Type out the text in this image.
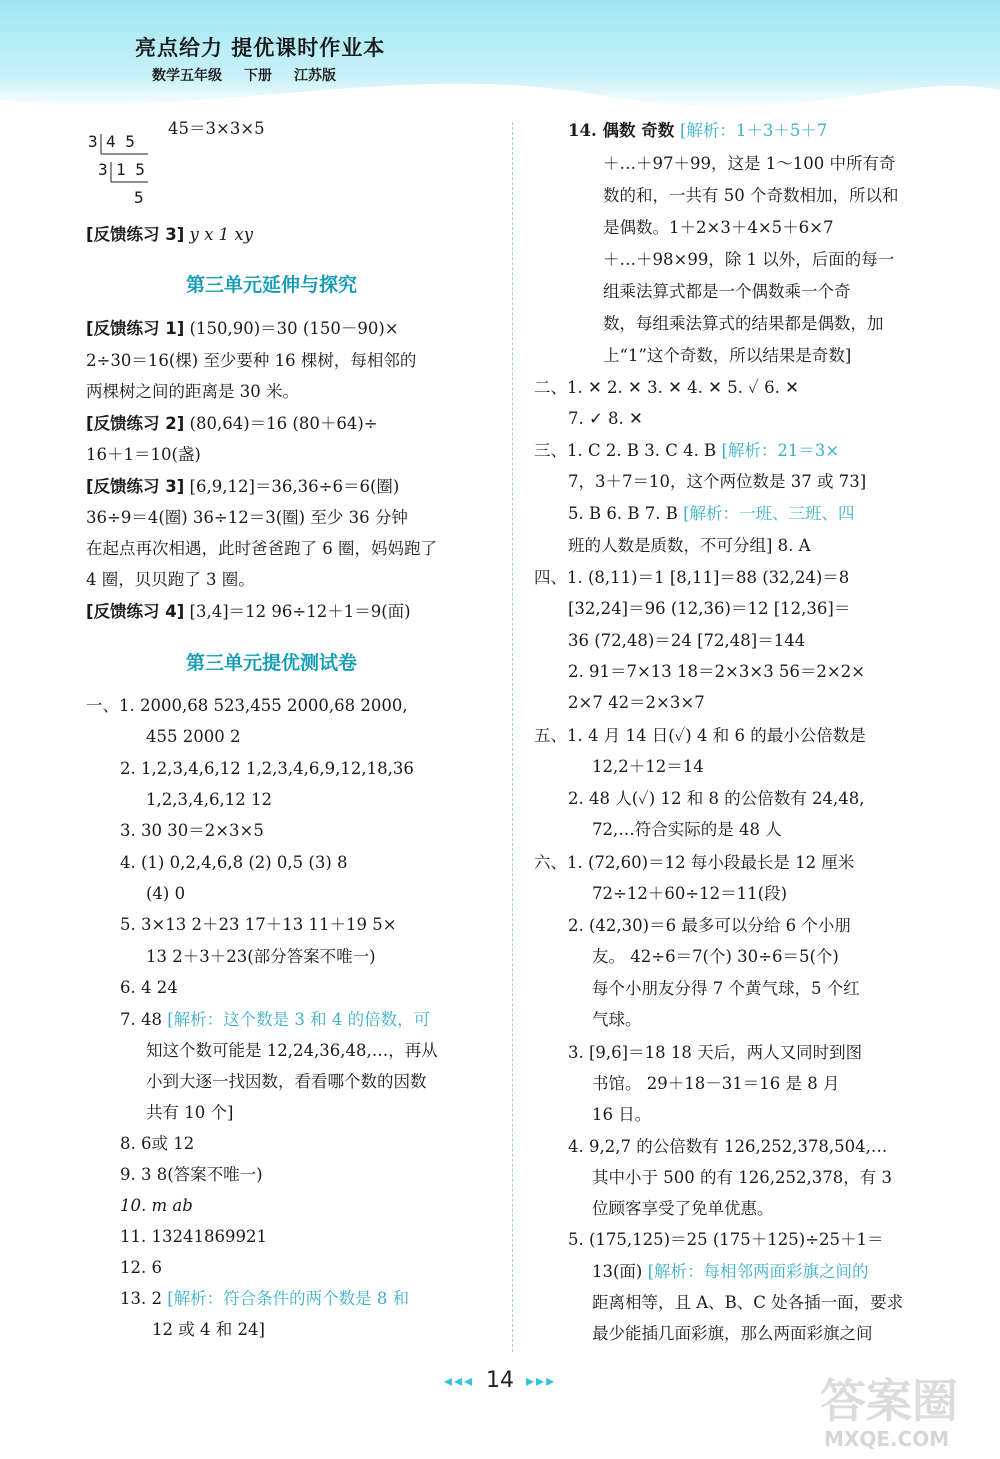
亮点给力 提优课时作业本
数学五年级 下册 江苏版
3 4 5
3 1 5
5
45＝3×3×5
[反馈练习 3] y x 1 xy
第三单元延伸与探究
[反馈练习 1] (150,90)＝30 (150－90)×
2÷30＝16(棵) 至少要种 16 棵树，每相邻的
两棵树之间的距离是 30 米。
[反馈练习 2] (80,64)＝16 (80＋64)÷
16＋1＝10(盏)
[反馈练习 3] [6,9,12]＝36,36÷6＝6(圈)
36÷9＝4(圈) 36÷12＝3(圈) 至少 36 分钟
在起点再次相遇，此时爸爸跑了 6 圈，妈妈跑了
4 圈，贝贝跑了 3 圈。
[反馈练习 4] [3,4]＝12 96÷12＋1＝9(面)
第三单元提优测试卷
一、1. 2000,68 523,455 2000,68 2000,
455 2000 2
2. 1,2,3,4,6,12 1,2,3,4,6,9,12,18,36
1,2,3,4,6,12 12
3. 30 30＝2×3×5
4. (1) 0,2,4,6,8 (2) 0,5 (3) 8
(4) 0
5. 3×13 2＋23 17＋13 11＋19 5×
13 2＋3＋23(部分答案不唯一)
6. 4 24
7. 48 [解析：这个数是 3 和 4 的倍数，可
知这个数可能是 12,24,36,48,…，再从
小到大逐一找因数，看看哪个数的因数
共有 10 个]
8. 6或 12
9. 3 8(答案不唯一)
10. m ab
11. 13241869921
12. 6
13. 2 [解析：符合条件的两个数是 8 和
12 或 4 和 24]
14. 偶数 奇数 [解析：1＋3＋5＋7
＋…＋97＋99，这是 1～100 中所有奇
数的和，一共有 50 个奇数相加，所以和
是偶数。1＋2×3＋4×5＋6×7
＋…＋98×99，除 1 以外，后面的每一
组乘法算式都是一个偶数乘一个奇
数，每组乘法算式的结果都是偶数，加
上“1”这个奇数，所以结果是奇数]
二、1. ✕ 2. ✕ 3. ✕ 4. ✕ 5. ✓ 6. ✕
7. ✓ 8. ✕
三、1. C 2. B 3. C 4. B [解析：21＝3×
7，3＋7＝10，这个两位数是 37 或 73]
5. B 6. B 7. B [解析：一班、三班、四
班的人数是质数，不可分组] 8. A
四、1. (8,11)＝1 [8,11]＝88 (32,24)＝8
[32,24]＝96 (12,36)＝12 [12,36]＝
36 (72,48)＝24 [72,48]＝144
2. 91＝7×13 18＝2×3×3 56＝2×2×
2×7 42＝2×3×7
五、1. 4 月 14 日(✓) 4 和 6 的最小公倍数是
12,2＋12＝14
2. 48 人(✓) 12 和 8 的公倍数有 24,48,
72,…符合实际的是 48 人
六、1. (72,60)＝12 每小段最长是 12 厘米
72÷12＋60÷12＝11(段)
2. (42,30)＝6 最多可以分给 6 个小朋
友。 42÷6＝7(个) 30÷6＝5(个)
每个小朋友分得 7 个黄气球，5 个红
气球。
3. [9,6]＝18 18 天后，两人又同时到图
书馆。 29＋18－31＝16 是 8 月
16 日。
4. 9,2,7 的公倍数有 126,252,378,504,…
其中小于 500 的有 126,252,378，有 3
位顾客享受了免单优惠。
5. (175,125)＝25 (175＋125)÷25＋1＝
13(面) [解析：每相邻两面彩旗之间的
距离相等，且 A、B、C 处各插一面，要求
最少能插几面彩旗，那么两面彩旗之间
◂◂◂ 14 ▸▸▸	答案圈
MXQE.COM
